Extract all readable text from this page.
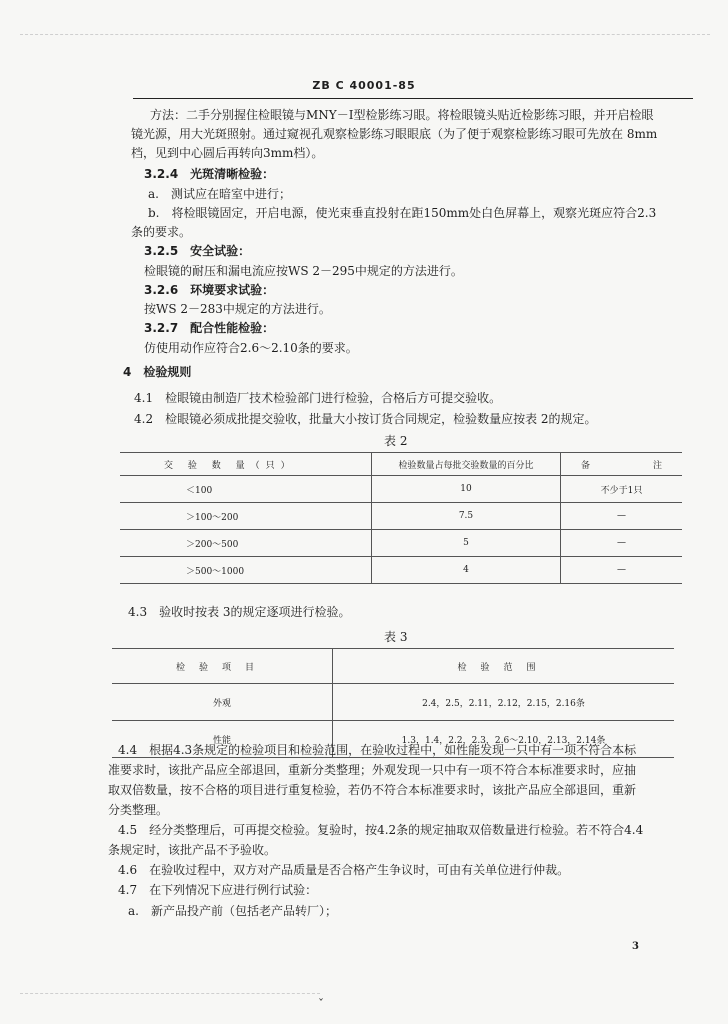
ZB C 40001-85
方法：二手分别握住检眼镜与MNY－Ⅰ型检影练习眼。将检眼镜头贴近检影练习眼，并开启检眼
镜光源，用大光斑照射。通过窥视孔观察检影练习眼眼底（为了便于观察检影练习眼可先放在 8mm
档，见到中心圆后再转向3mm档）。
3.2.4　光斑清晰检验：
a.　测试应在暗室中进行；
b.　将检眼镜固定，开启电源，使光束垂直投射在距150mm处白色屏幕上，观察光斑应符合2.3
条的要求。
3.2.5　安全试验：
检眼镜的耐压和漏电流应按WS 2－295中规定的方法进行。
3.2.6　环境要求试验：
按WS 2－283中规定的方法进行。
3.2.7　配合性能检验：
仿使用动作应符合2.6～2.10条的要求。
4　检验规则
4.1　检眼镜由制造厂技术检验部门进行检验，合格后方可提交验收。
4.2　检眼镜必须成批提交验收，批量大小按订货合同规定，检验数量应按表 2的规定。
表 2
交 验 数 量（只）	检验数量占每批交验数量的百分比	备　　　　　　　注
＜100	10	不少于1只
＞100～200	7.5	—
＞200～500	5	—
＞500～1000	4	—
4.3　验收时按表 3的规定逐项进行检验。
表 3
检验项目	检验范围
外观	2.4，2.5，2.11，2.12，2.15，2.16条
性能	1.3，1.4，2.2，2.3，2.6～2.10，2.13，2.14条
4.4　根据4.3条规定的检验项目和检验范围，在验收过程中，如性能发现一只中有一项不符合本标
准要求时，该批产品应全部退回，重新分类整理；外观发现一只中有一项不符合本标准要求时，应抽
取双倍数量，按不合格的项目进行重复检验，若仍不符合本标准要求时，该批产品应全部退回，重新
分类整理。
4.5　经分类整理后，可再提交检验。复验时，按4.2条的规定抽取双倍数量进行检验。若不符合4.4
条规定时，该批产品不予验收。
4.6　在验收过程中，双方对产品质量是否合格产生争议时，可由有关单位进行仲裁。
4.7　在下列情况下应进行例行试验：
a.　新产品投产前（包括老产品转厂）；
3
ˇ
